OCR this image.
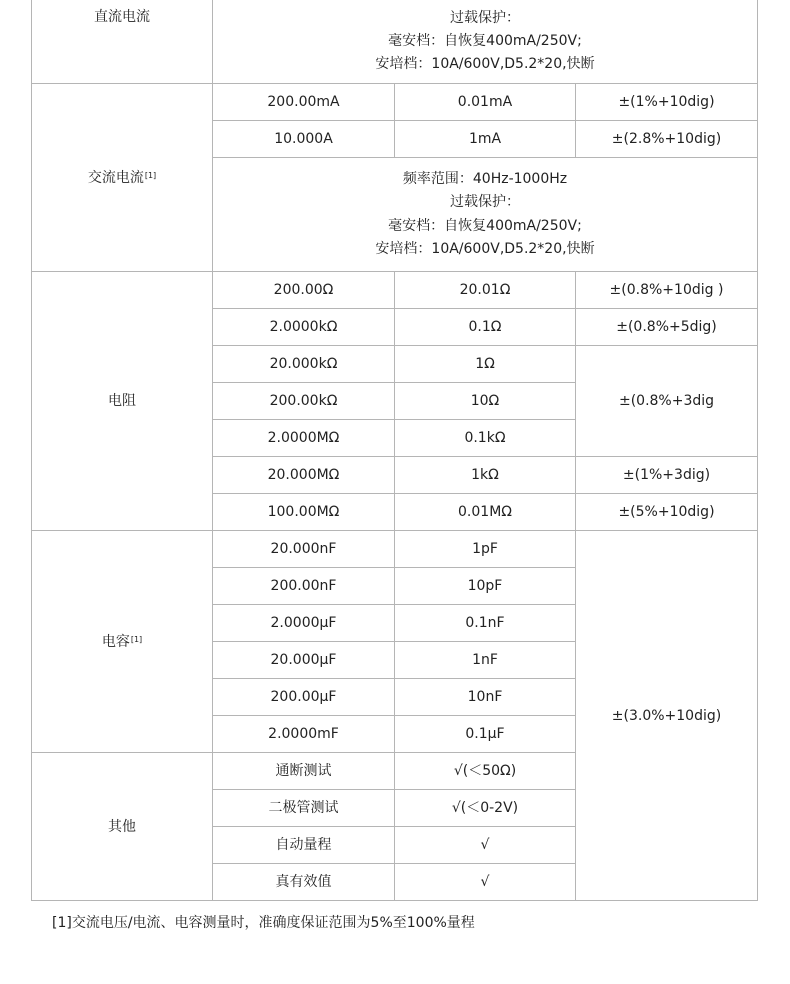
直流电流	过载保护：
毫安档：自恢复400mA/250V;
安培档：10A/600V,D5.2*20,快断		

交流电流[1]	200.00mA	0.01mA	±(1%+10dig)
	10.000A	1mA	±(2.8%+10dig)

	频率范围：40Hz-1000Hz
过载保护：
毫安档：自恢复400mA/250V;
安培档：10A/600V,D5.2*20,快断		

电阻	200.00Ω	20.01Ω	±(0.8%+10dig )
	2.0000kΩ	0.1Ω	±(0.8%+5dig)
	20.000kΩ	1Ω	±(0.8%+3dig
	200.00kΩ	10Ω	
	2.0000MΩ	0.1kΩ	
	20.000MΩ	1kΩ	±(1%+3dig)
	100.00MΩ	0.01MΩ	±(5%+10dig)
电容[1]	20.000nF	1pF	±(3.0%+10dig)
	200.00nF	10pF	
	2.0000μF	0.1nF	
	20.000μF	1nF	
	200.00μF	10nF	
	2.0000mF	0.1μF	
其他	通断测试	√(＜50Ω)	
	二极管测试	√(＜0-2V)	
	自动量程	√	
	真有效值	√	
[1]交流电压/电流、电容测量时，准确度保证范围为5%至100%量程
